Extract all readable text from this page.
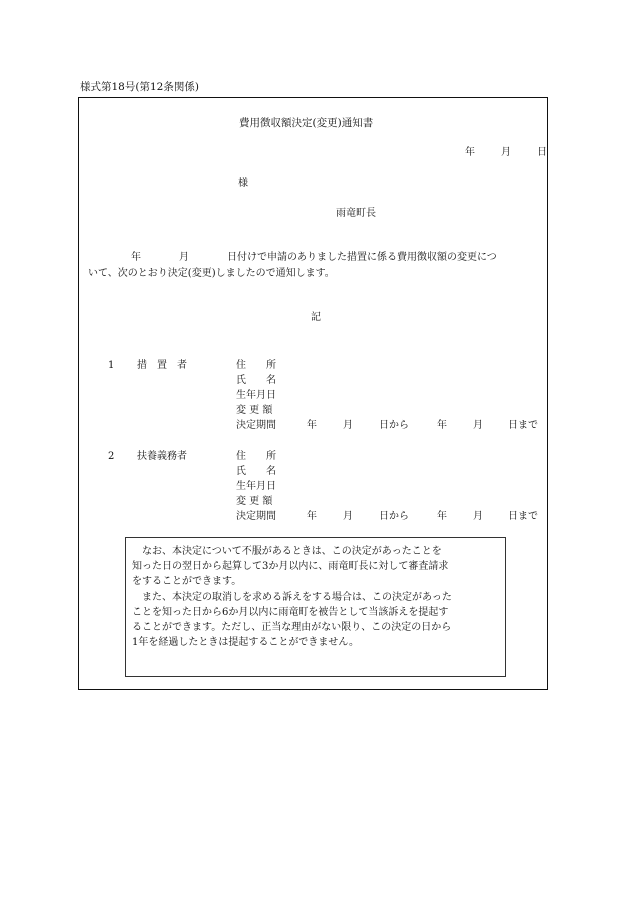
様式第18号(第12条関係)
費用徴収額決定(変更)通知書
年	月	日
様
雨竜町長
年	月	日付けで申請のありました措置に係る費用徴収額の変更につ
いて、次のとおり決定(変更)しましたので通知します。
記
1 措　置　者	住　　所
氏　　名
生年月日
変 更 額
決定期間	年	月	日から	年	月	日まで
2 扶養義務者	住　　所
氏　　名
生年月日
変 更 額
決定期間	年	月	日から	年	月	日まで
　なお、本決定について不服があるときは、この決定があったことを
知った日の翌日から起算して3か月以内に、雨竜町長に対して審査請求
をすることができます。
　また、本決定の取消しを求める訴えをする場合は、この決定があった
ことを知った日から6か月以内に雨竜町を被告として当該訴えを提起す
ることができます。ただし、正当な理由がない限り、この決定の日から
1年を経過したときは提起することができません。
